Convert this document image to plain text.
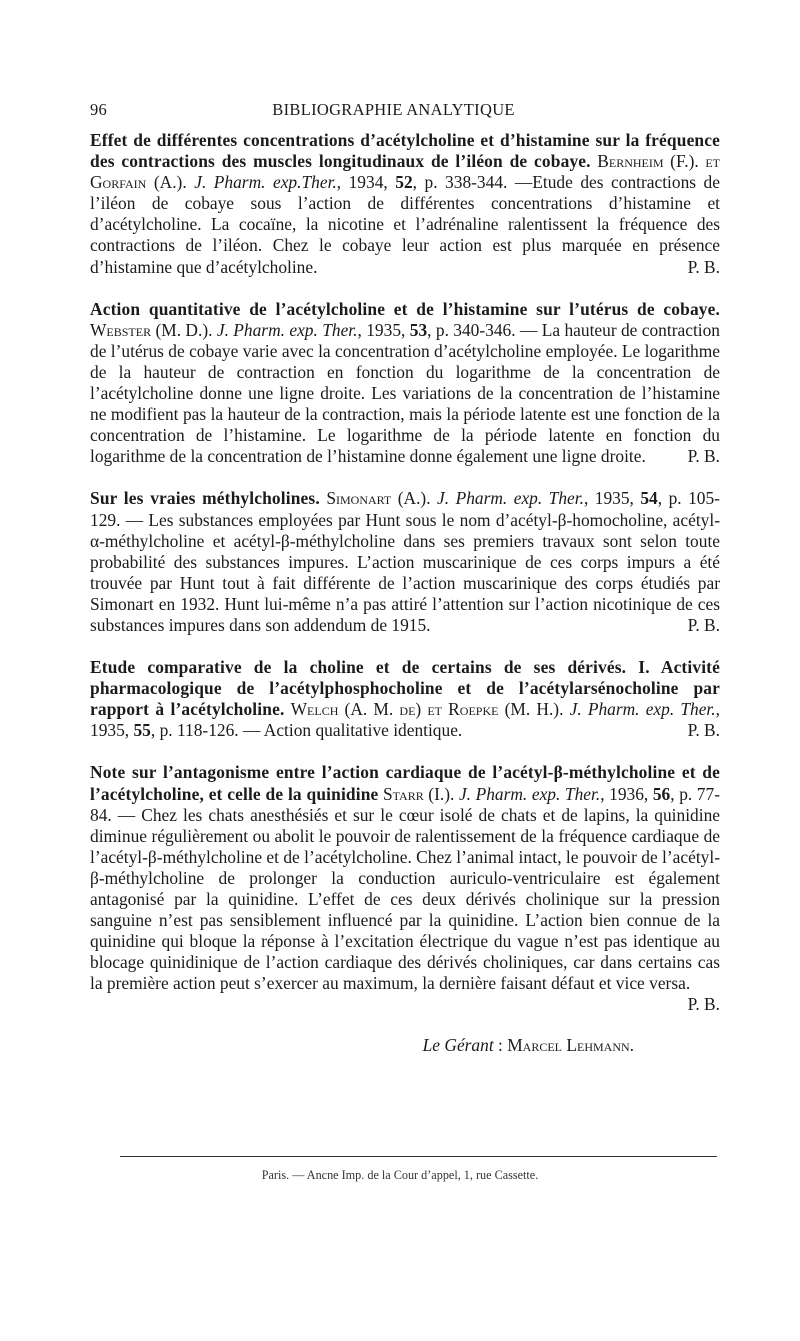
96	BIBLIOGRAPHIE ANALYTIQUE

Effet de différentes concentrations d’acétylcholine et d’histamine sur la fréquence des contractions des muscles longitudinaux de l’iléon de cobaye. Bernheim (F.). et Gorfain (A.). J. Pharm. exp.Ther., 1934, 52, p. 338-344. —Etude des contractions de l’iléon de cobaye sous l’action de différentes concentrations d’histamine et d’acétylcholine. La cocaïne, la nicotine et l’adrénaline ralentissent la fréquence des contractions de l’iléon. Chez le cobaye leur action est plus marquée en présence d’histamine que d’acétylcholine.	P. B.

Action quantitative de l’acétylcholine et de l’histamine sur l’utérus de cobaye. Webster (M. D.). J. Pharm. exp. Ther., 1935, 53, p. 340-346. — La hauteur de contraction de l’utérus de cobaye varie avec la concentration d’acétylcholine employée. Le logarithme de la hauteur de contraction en fonction du logarithme de la concentration de l’acétylcholine donne une ligne droite. Les variations de la concentration de l’histamine ne modifient pas la hauteur de la contraction, mais la période latente est une fonction de la concentration de l’histamine. Le logarithme de la période latente en fonction du logarithme de la concentration de l’histamine donne également une ligne droite. P. B.

Sur les vraies méthylcholines. Simonart (A.). J. Pharm. exp. Ther., 1935, 54, p. 105-129. — Les substances employées par Hunt sous le nom d’acétyl-β-homocholine, acétyl-α-méthylcholine et acétyl-β-méthylcholine dans ses premiers travaux sont selon toute probabilité des substances impures. L’action muscarinique de ces corps impurs a été trouvée par Hunt tout à fait différente de l’action muscarinique des corps étudiés par Simonart en 1932. Hunt lui-même n’a pas attiré l’attention sur l’action nicotinique de ces substances impures dans son addendum de 1915.	P. B.

Etude comparative de la choline et de certains de ses dérivés. I. Activité pharmacologique de l’acétylphosphocholine et de l’acétylarsénocholine par rapport à l’acétylcholine. Welch (A. M. de) et Roepke (M. H.). J. Pharm. exp. Ther., 1935, 55, p. 118-126. — Action qualitative identique.	P. B.

Note sur l’antagonisme entre l’action cardiaque de l’acétyl-β-méthylcholine et de l’acétylcholine, et celle de la quinidine Starr (I.). J. Pharm. exp. Ther., 1936, 56, p. 77-84. — Chez les chats anesthésiés et sur le cœur isolé de chats et de lapins, la quinidine diminue régulièrement ou abolit le pouvoir de ralentissement de la fréquence cardiaque de l’acétyl-β-méthylcholine et de l’acétylcholine. Chez l’animal intact, le pouvoir de l’acétyl-β-méthylcholine de prolonger la conduction auriculo-ventriculaire est également antagonisé par la quinidine. L’effet de ces deux dérivés cholinique sur la pression sanguine n’est pas sensiblement influencé par la quinidine. L’action bien connue de la quinidine qui bloque la réponse à l’excitation électrique du vague n’est pas identique au blocage quinidinique de l’action cardiaque des dérivés choliniques, car dans certains cas la première action peut s’exercer au maximum, la dernière faisant défaut et vice versa.
P. B.

Le Gérant : Marcel Lehmann.
Paris. — Ancne Imp. de la Cour d’appel, 1, rue Cassette.
